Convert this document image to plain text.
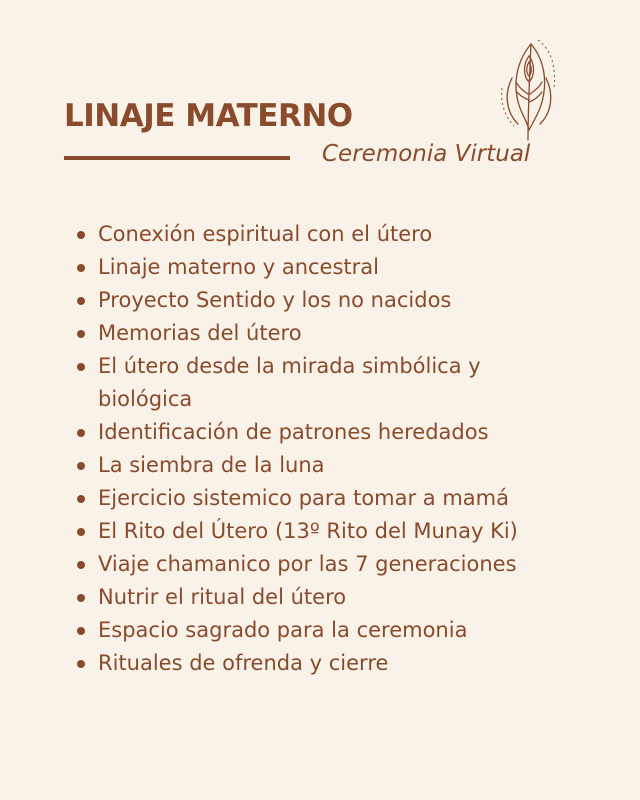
LINAJE MATERNO
Ceremonia Virtual
Conexión espiritual con el útero
Linaje materno y ancestral
Proyecto Sentido y los no nacidos
Memorias del útero
El útero desde la mirada simbólica y
biológica
Identificación de patrones heredados
La siembra de la luna
Ejercicio sistemico para tomar a mamá
El Rito del Útero (13º Rito del Munay Ki)
Viaje chamanico por las 7 generaciones
Nutrir el ritual del útero
Espacio sagrado para la ceremonia
Rituales de ofrenda y cierre
